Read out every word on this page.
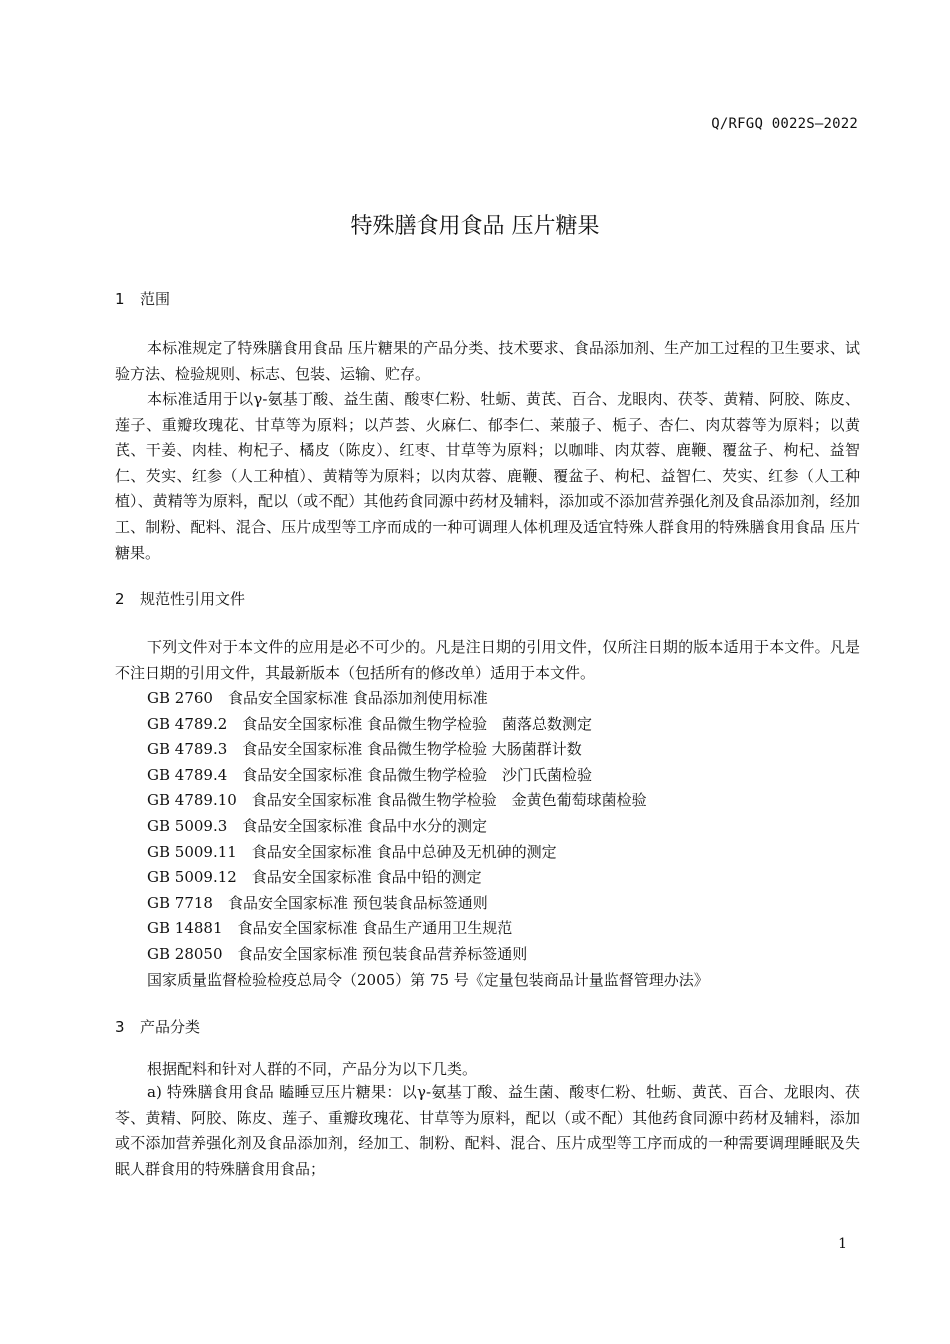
Q/RFGQ 0022S—2022
特殊膳食用食品 压片糖果
1 范围
本标准规定了特殊膳食用食品 压片糖果的产品分类、技术要求、食品添加剂、生产加工过程的卫生要求、试验方法、检验规则、标志、包装、运输、贮存。
本标准适用于以γ-氨基丁酸、益生菌、酸枣仁粉、牡蛎、黄芪、百合、龙眼肉、茯苓、黄精、阿胶、陈皮、莲子、重瓣玫瑰花、甘草等为原料；以芦荟、火麻仁、郁李仁、莱菔子、栀子、杏仁、肉苁蓉等为原料；以黄芪、干姜、肉桂、枸杞子、橘皮（陈皮）、红枣、甘草等为原料；以咖啡、肉苁蓉、鹿鞭、覆盆子、枸杞、益智仁、芡实、红参（人工种植）、黄精等为原料；以肉苁蓉、鹿鞭、覆盆子、枸杞、益智仁、芡实、红参（人工种植）、黄精等为原料，配以（或不配）其他药食同源中药材及辅料，添加或不添加营养强化剂及食品添加剂，经加工、制粉、配料、混合、压片成型等工序而成的一种可调理人体机理及适宜特殊人群食用的特殊膳食用食品 压片糖果。
2 规范性引用文件
下列文件对于本文件的应用是必不可少的。凡是注日期的引用文件，仅所注日期的版本适用于本文件。凡是不注日期的引用文件，其最新版本（包括所有的修改单）适用于本文件。
GB 2760　食品安全国家标准 食品添加剂使用标准
GB 4789.2　食品安全国家标准 食品微生物学检验　菌落总数测定
GB 4789.3　食品安全国家标准 食品微生物学检验 大肠菌群计数
GB 4789.4　食品安全国家标准 食品微生物学检验　沙门氏菌检验
GB 4789.10　食品安全国家标准 食品微生物学检验　金黄色葡萄球菌检验
GB 5009.3　食品安全国家标准 食品中水分的测定
GB 5009.11　食品安全国家标准 食品中总砷及无机砷的测定
GB 5009.12　食品安全国家标准 食品中铅的测定
GB 7718　食品安全国家标准 预包装食品标签通则
GB 14881　食品安全国家标准 食品生产通用卫生规范
GB 28050　食品安全国家标准 预包装食品营养标签通则
国家质量监督检验检疫总局令（2005）第 75 号《定量包装商品计量监督管理办法》
3 产品分类
根据配料和针对人群的不同，产品分为以下几类。
a) 特殊膳食用食品 瞌睡豆压片糖果：以γ-氨基丁酸、益生菌、酸枣仁粉、牡蛎、黄芪、百合、龙眼肉、茯苓、黄精、阿胶、陈皮、莲子、重瓣玫瑰花、甘草等为原料，配以（或不配）其他药食同源中药材及辅料，添加或不添加营养强化剂及食品添加剂，经加工、制粉、配料、混合、压片成型等工序而成的一种需要调理睡眠及失眠人群食用的特殊膳食用食品；
1
